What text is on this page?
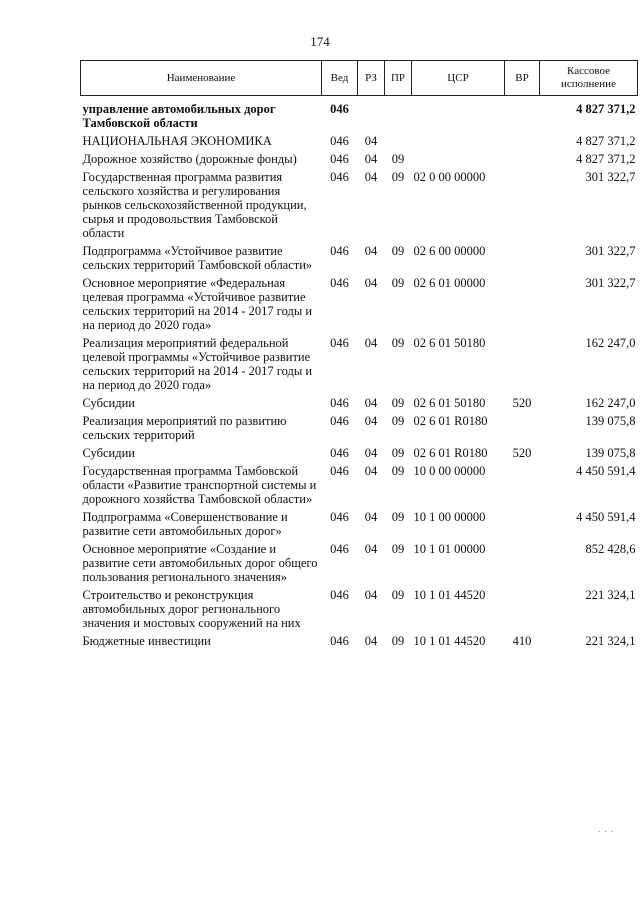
174
Наименование	Вед	РЗ	ПР	ЦСР	ВР	Кассовое исполнение
управление автомобильных дорог Тамбовской области	046					4 827 371,2
НАЦИОНАЛЬНАЯ ЭКОНОМИКА	046	04				4 827 371,2
Дорожное хозяйство (дорожные фонды)	046	04	09			4 827 371,2
Государственная программа развития сельского хозяйства и регулирования рынков сельскохозяйственной продукции, сырья и продовольствия Тамбовской области	046	04	09	02 0 00 00000		301 322,7
Подпрограмма «Устойчивое развитие сельских территорий Тамбовской области»	046	04	09	02 6 00 00000		301 322,7
Основное мероприятие «Федеральная целевая программа «Устойчивое развитие сельских территорий на 2014 - 2017 годы и на период до 2020 года»	046	04	09	02 6 01 00000		301 322,7
Реализация мероприятий федеральной целевой программы «Устойчивое развитие сельских территорий на 2014 - 2017 годы и на период до 2020 года»	046	04	09	02 6 01 50180		162 247,0
Субсидии	046	04	09	02 6 01 50180	520	162 247,0
Реализация мероприятий по развитию сельских территорий	046	04	09	02 6 01 R0180		139 075,8
Субсидии	046	04	09	02 6 01 R0180	520	139 075,8
Государственная программа Тамбовской области «Развитие транспортной системы и дорожного хозяйства Тамбовской области»	046	04	09	10 0 00 00000		4 450 591,4
Подпрограмма «Совершенствование и развитие сети автомобильных дорог»	046	04	09	10 1 00 00000		4 450 591,4
Основное мероприятие «Создание и развитие сети автомобильных дорог общего пользования регионального значения»	046	04	09	10 1 01 00000		852 428,6
Строительство и реконструкция автомобильных дорог регионального значения и мостовых сооружений на них	046	04	09	10 1 01 44520		221 324,1
Бюджетные инвестиции	046	04	09	10 1 01 44520	410	221 324,1
. . .
